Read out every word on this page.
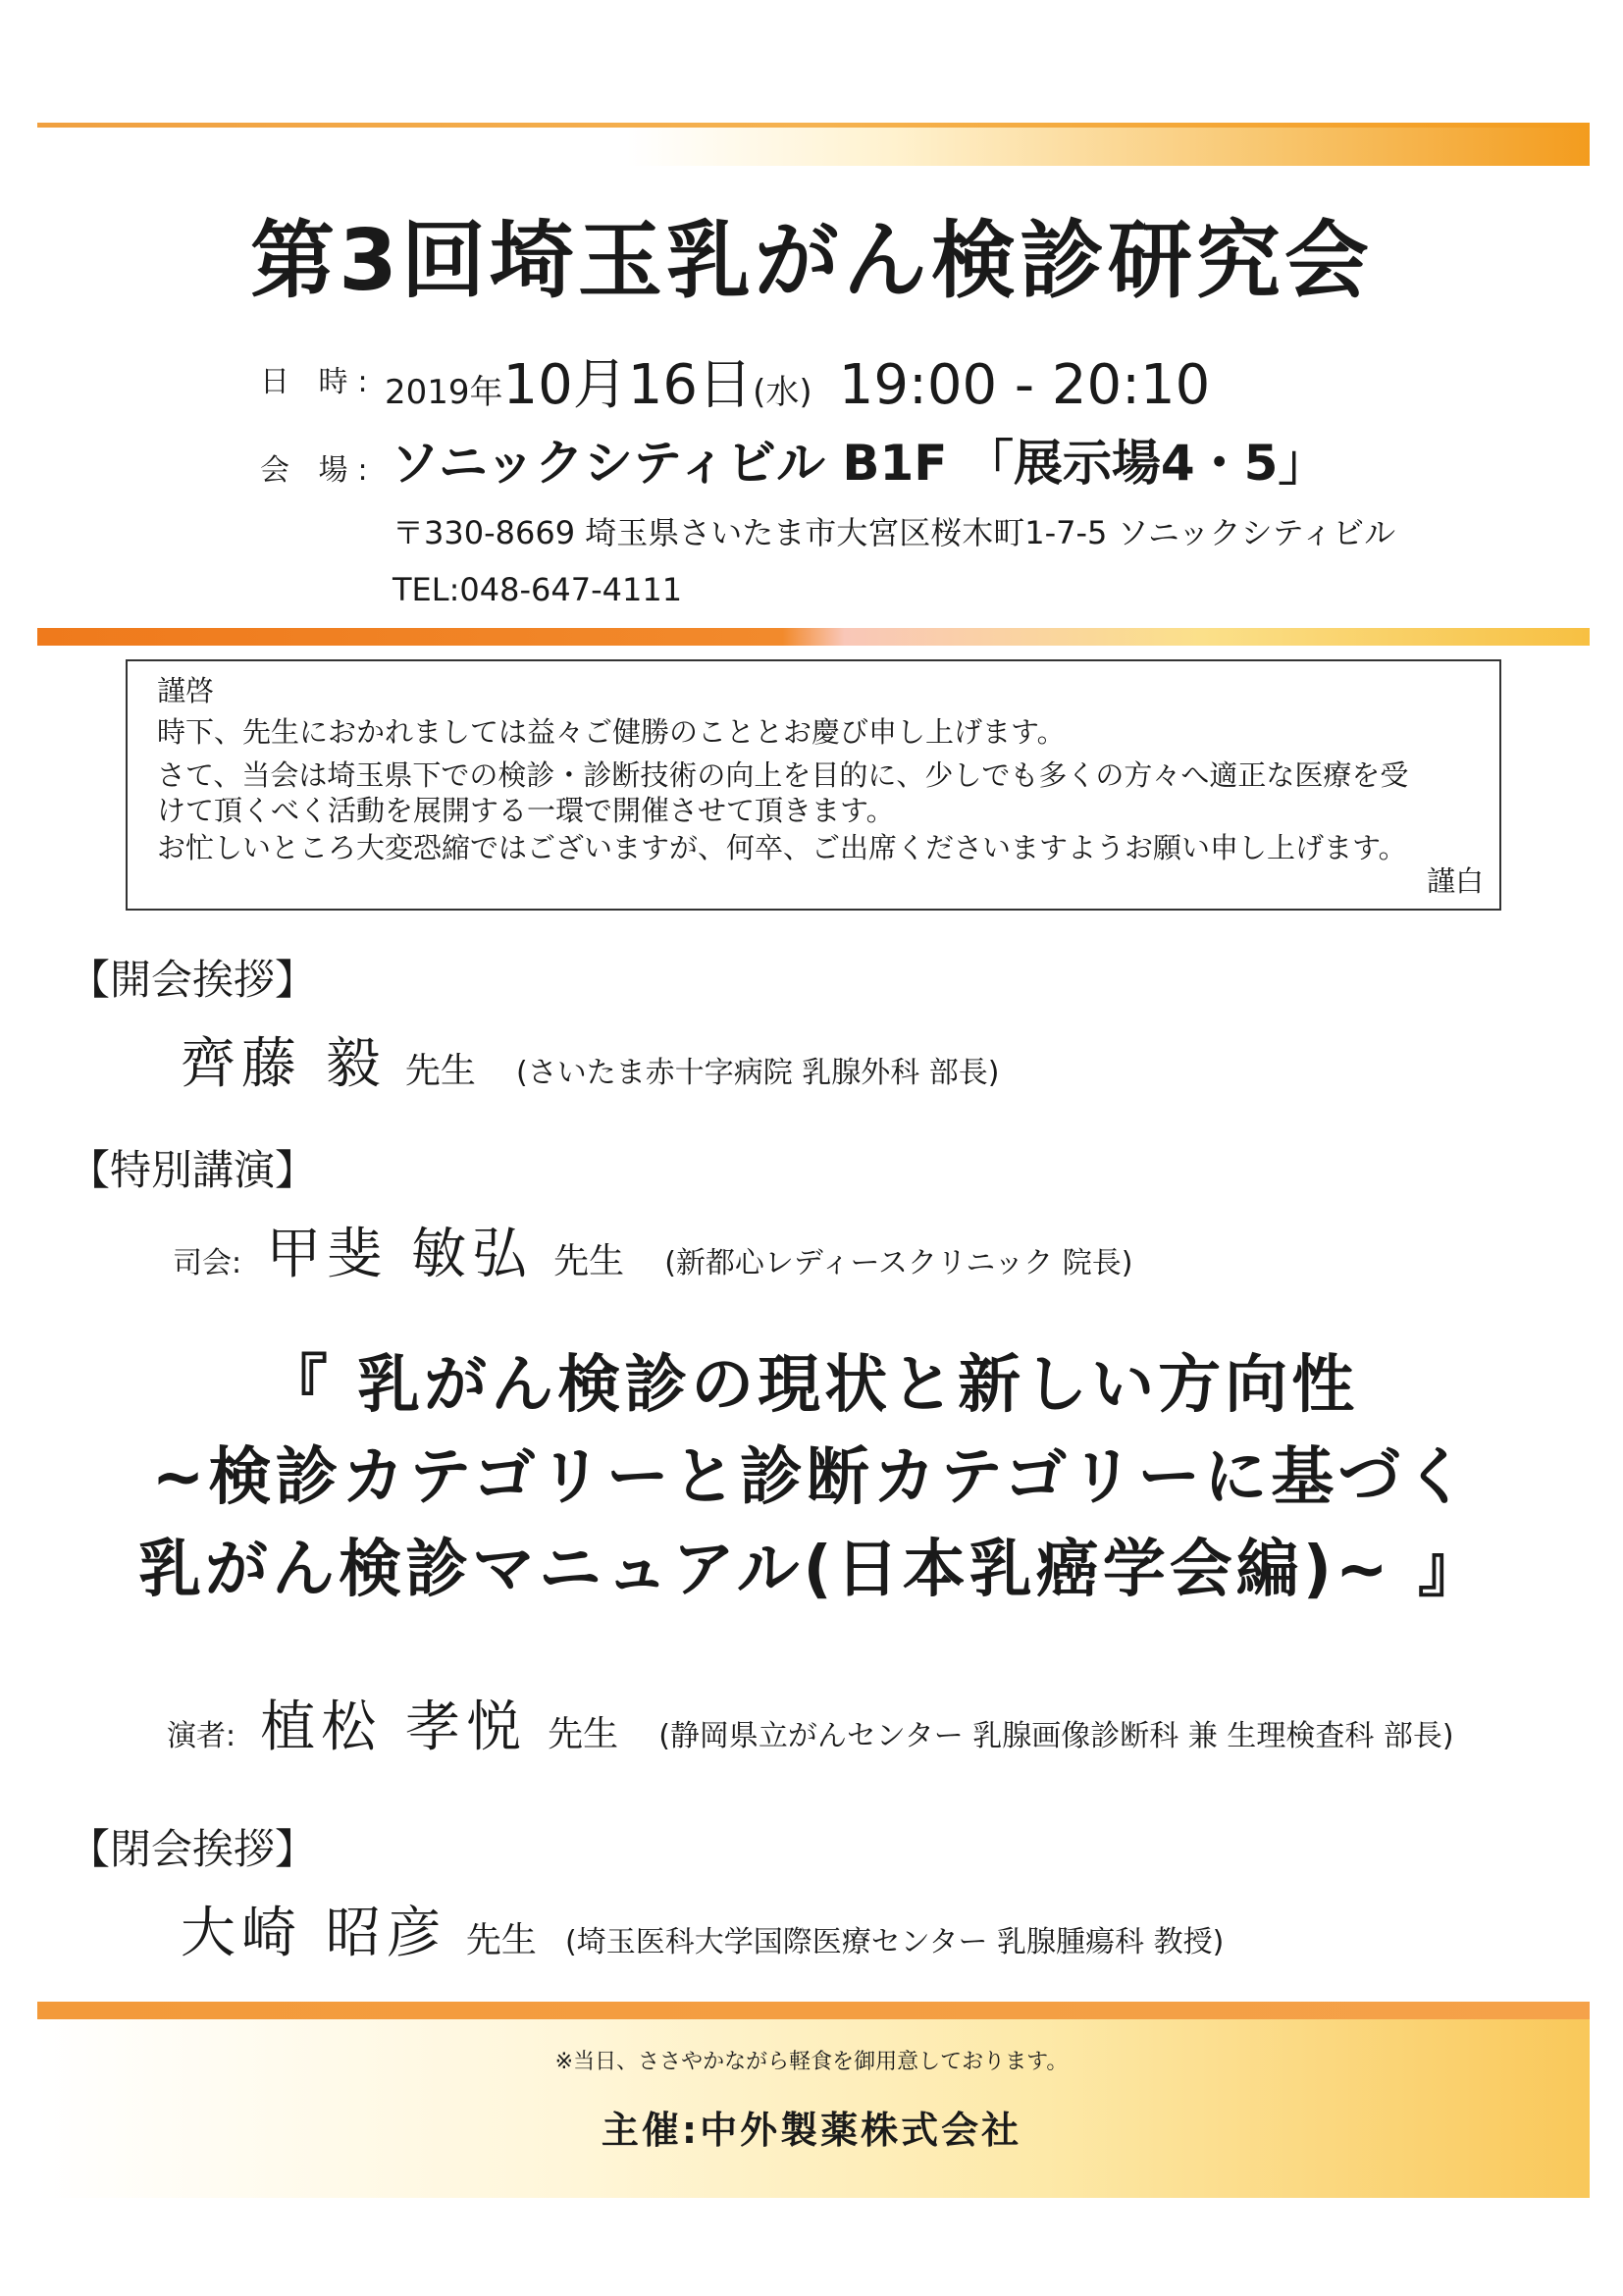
第3回埼玉乳がん検診研究会
日 時: 2019年10月16日(水) 19:00 - 20:10
会 場: ソニックシティビル B1F 「展示場4・5」
〒330-8669 埼玉県さいたま市大宮区桜木町1-7-5 ソニックシティビル
TEL:048-647-4111
謹啓
時下、先生におかれましては益々ご健勝のこととお慶び申し上げます。
さて、当会は埼玉県下での検診・診断技術の向上を目的に、少しでも多くの方々へ適正な医療を受
けて頂くべく活動を展開する一環で開催させて頂きます。
お忙しいところ大変恐縮ではございますが、何卒、ご出席くださいますようお願い申し上げます。
謹白
【開会挨拶】
齊藤 毅 先生 (さいたま赤十字病院 乳腺外科 部長)
【特別講演】
司会: 甲斐 敏弘 先生 (新都心レディースクリニック 院長)
『 乳がん検診の現状と新しい方向性
~検診カテゴリーと診断カテゴリーに基づく
乳がん検診マニュアル(日本乳癌学会編)~ 』
演者: 植松 孝悦 先生 (静岡県立がんセンター 乳腺画像診断科 兼 生理検査科 部長)
【閉会挨拶】
大崎 昭彦 先生 (埼玉医科大学国際医療センター 乳腺腫瘍科 教授)
※当日、ささやかながら軽食を御用意しております。
主催:中外製薬株式会社
